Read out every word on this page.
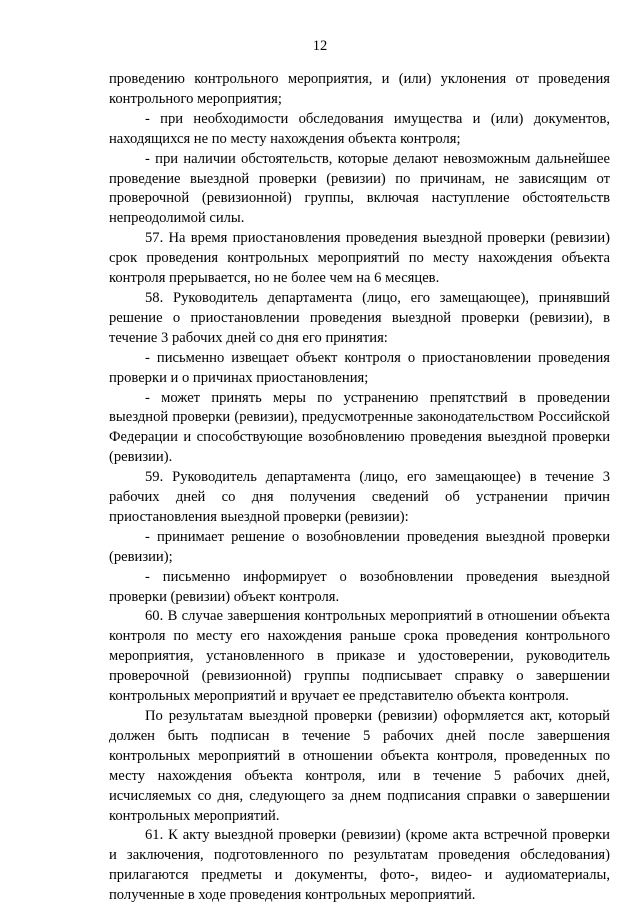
12

проведению контрольного мероприятия, и (или) уклонения от проведения контрольного мероприятия;

- при необходимости обследования имущества и (или) документов, находящихся не по месту нахождения объекта контроля;

- при наличии обстоятельств, которые делают невозможным дальнейшее проведение выездной проверки (ревизии) по причинам, не зависящим от проверочной (ревизионной) группы, включая наступление обстоятельств непреодолимой силы.

57. На время приостановления проведения выездной проверки (ревизии) срок проведения контрольных мероприятий по месту нахождения объекта контроля прерывается, но не более чем на 6 месяцев.

58. Руководитель департамента (лицо, его замещающее), принявший решение о приостановлении проведения выездной проверки (ревизии), в течение 3 рабочих дней со дня его принятия:

- письменно извещает объект контроля о приостановлении проведения проверки и о причинах приостановления;

- может принять меры по устранению препятствий в проведении выездной проверки (ревизии), предусмотренные законодательством Российской Федерации и способствующие возобновлению проведения выездной проверки (ревизии).

59. Руководитель департамента (лицо, его замещающее) в течение 3 рабочих дней со дня получения сведений об устранении причин приостановления выездной проверки (ревизии):

- принимает решение о возобновлении проведения выездной проверки (ревизии);

- письменно информирует о возобновлении проведения выездной проверки (ревизии) объект контроля.

60. В случае завершения контрольных мероприятий в отношении объекта контроля по месту его нахождения раньше срока проведения контрольного мероприятия, установленного в приказе и удостоверении, руководитель проверочной (ревизионной) группы подписывает справку о завершении контрольных мероприятий и вручает ее представителю объекта контроля.

По результатам выездной проверки (ревизии) оформляется акт, который должен быть подписан в течение 5 рабочих дней после завершения контрольных мероприятий в отношении объекта контроля, проведенных по месту нахождения объекта контроля, или в течение 5 рабочих дней, исчисляемых со дня, следующего за днем подписания справки о завершении контрольных мероприятий.

61. К акту выездной проверки (ревизии) (кроме акта встречной проверки и заключения, подготовленного по результатам проведения обследования) прилагаются предметы и документы, фото-, видео- и аудиоматериалы, полученные в ходе проведения контрольных мероприятий.
